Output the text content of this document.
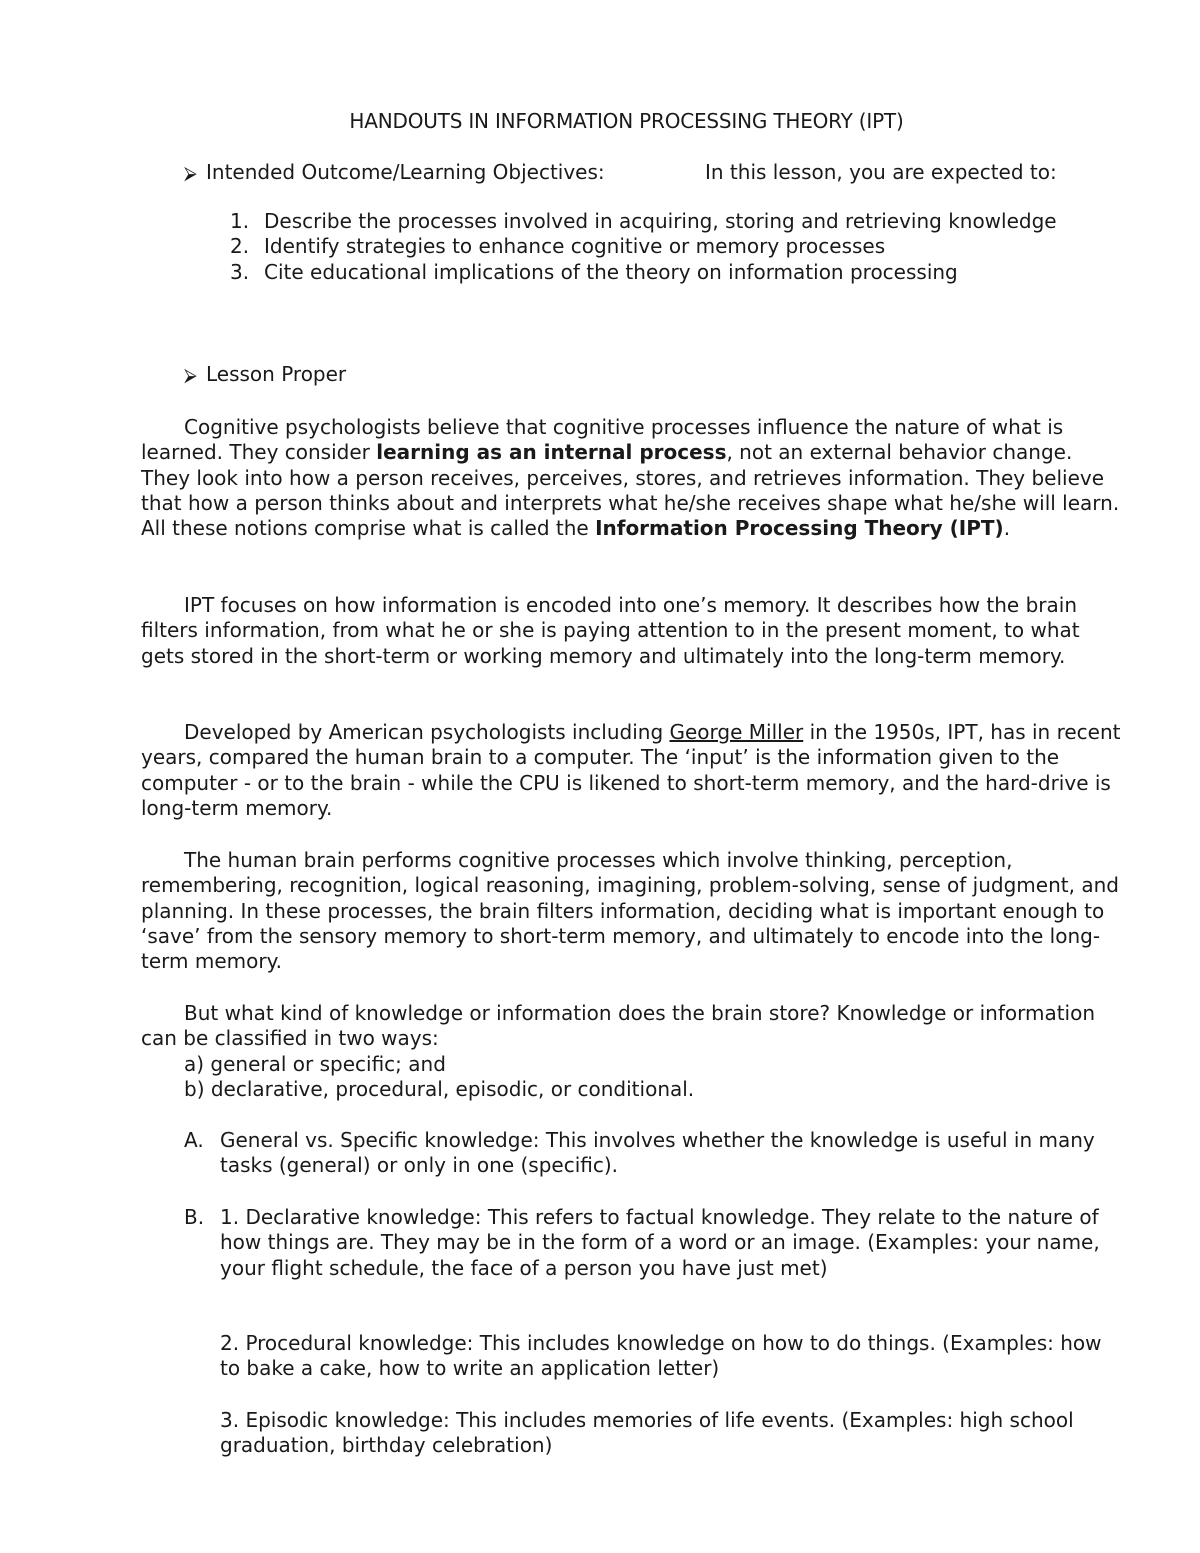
HANDOUTS IN INFORMATION PROCESSING THEORY (IPT)
⮚ Intended Outcome/Learning Objectives:	In this lesson, you are expected to:
1. Describe the processes involved in acquiring, storing and retrieving knowledge
2. Identify strategies to enhance cognitive or memory processes
3. Cite educational implications of the theory on information processing
⮚ Lesson Proper

Cognitive psychologists believe that cognitive processes influence the nature of what is learned. They consider learning as an internal process, not an external behavior change. They look into how a person receives, perceives, stores, and retrieves information. They believe that how a person thinks about and interprets what he/she receives shape what he/she will learn. All these notions comprise what is called the Information Processing Theory (IPT).

IPT focuses on how information is encoded into one’s memory. It describes how the brain filters information, from what he or she is paying attention to in the present moment, to what gets stored in the short-term or working memory and ultimately into the long-term memory.

Developed by American psychologists including George Miller in the 1950s, IPT, has in recent years, compared the human brain to a computer. The ‘input’ is the information given to the computer - or to the brain - while the CPU is likened to short-term memory, and the hard-drive is long-term memory.

The human brain performs cognitive processes which involve thinking, perception, remembering, recognition, logical reasoning, imagining, problem-solving, sense of judgment, and planning. In these processes, the brain filters information, deciding what is important enough to ‘save’ from the sensory memory to short-term memory, and ultimately to encode into the long-term memory.

But what kind of knowledge or information does the brain store? Knowledge or information can be classified in two ways:

a) general or specific; and
b) declarative, procedural, episodic, or conditional.
A. General vs. Specific knowledge: This involves whether the knowledge is useful in many tasks (general) or only in one (specific).
B. 1. Declarative knowledge: This refers to factual knowledge. They relate to the nature of how things are. They may be in the form of a word or an image. (Examples: your name, your flight schedule, the face of a person you have just met)
2. Procedural knowledge: This includes knowledge on how to do things. (Examples: how to bake a cake, how to write an application letter)
3. Episodic knowledge: This includes memories of life events. (Examples: high school graduation, birthday celebration)
